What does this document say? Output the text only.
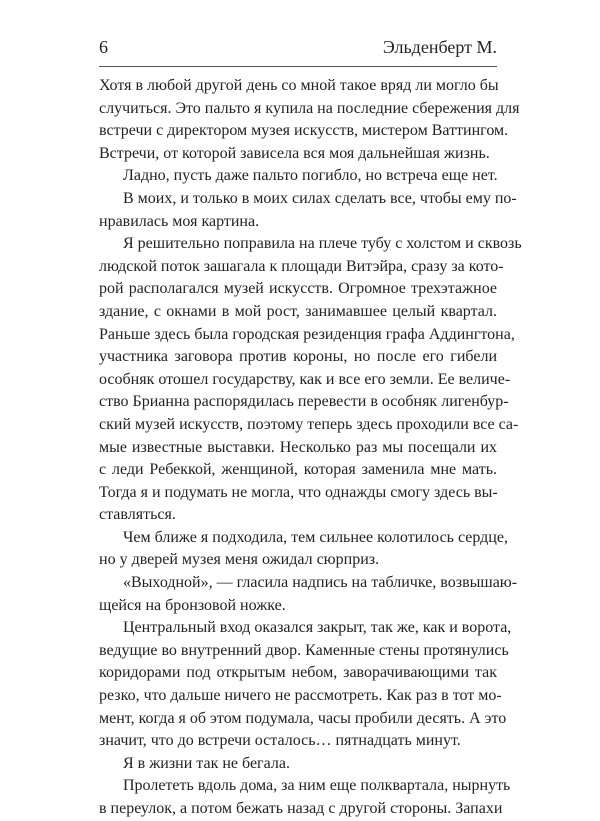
6	Эльденберт М.
Хотя в любой другой день со мной такое вряд ли могло бы
случиться. Это пальто я купила на последние сбережения для
встречи с директором музея искусств, мистером Ваттингом.
Встречи, от которой зависела вся моя дальнейшая жизнь.
Ладно, пусть даже пальто погибло, но встреча еще нет.
В моих, и только в моих силах сделать все, чтобы ему по-
нравилась моя картина.
Я решительно поправила на плече тубу с холстом и сквозь
людской поток зашагала к площади Витэйра, сразу за кото-
рой располагался музей искусств. Огромное трехэтажное
здание, с окнами в мой рост, занимавшее целый квартал.
Раньше здесь была городская резиденция графа Аддингтона,
участника заговора против короны, но после его гибели
особняк отошел государству, как и все его земли. Ее величе-
ство Брианна распорядилась перевести в особняк лигенбур-
ский музей искусств, поэтому теперь здесь проходили все са-
мые известные выставки. Несколько раз мы посещали их
с леди Ребеккой, женщиной, которая заменила мне мать.
Тогда я и подумать не могла, что однажды смогу здесь вы-
ставляться.
Чем ближе я подходила, тем сильнее колотилось сердце,
но у дверей музея меня ожидал сюрприз.
«Выходной», — гласила надпись на табличке, возвышаю-
щейся на бронзовой ножке.
Центральный вход оказался закрыт, так же, как и ворота,
ведущие во внутренний двор. Каменные стены протянулись
коридорами под открытым небом, заворачивающими так
резко, что дальше ничего не рассмотреть. Как раз в тот мо-
мент, когда я об этом подумала, часы пробили десять. А это
значит, что до встречи осталось… пятнадцать минут.
Я в жизни так не бегала.
Пролететь вдоль дома, за ним еще полквартала, нырнуть
в переулок, а потом бежать назад с другой стороны. Запахи
